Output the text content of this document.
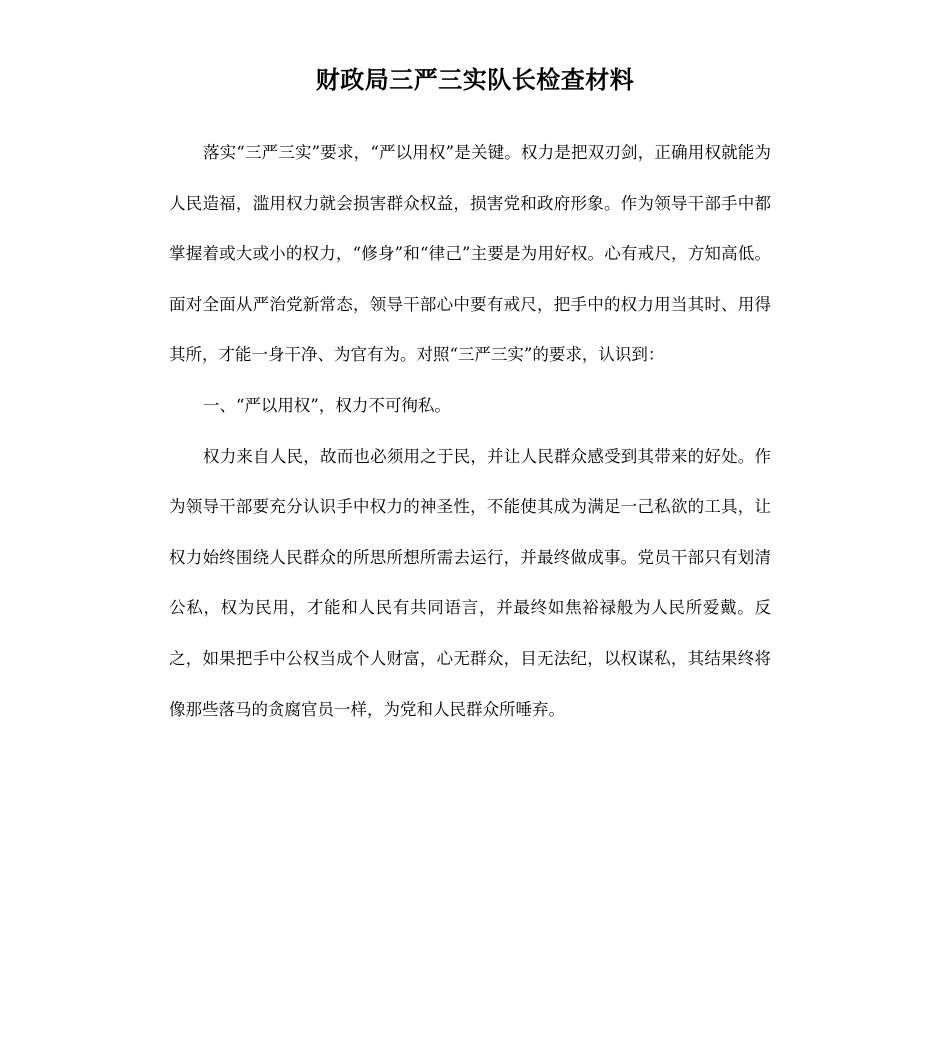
财政局三严三实队长检查材料

落实“三严三实”要求，“严以用权”是关键。权力是把双刃剑，正确用权就能为人民造福，滥用权力就会损害群众权益，损害党和政府形象。作为领导干部手中都掌握着或大或小的权力，“修身”和“律己”主要是为用好权。心有戒尺，方知高低。面对全面从严治党新常态，领导干部心中要有戒尺，把手中的权力用当其时、用得其所，才能一身干净、为官有为。对照“三严三实”的要求，认识到：

一、“严以用权”，权力不可徇私。

权力来自人民，故而也必须用之于民，并让人民群众感受到其带来的好处。作为领导干部要充分认识手中权力的神圣性，不能使其成为满足一己私欲的工具，让权力始终围绕人民群众的所思所想所需去运行，并最终做成事。党员干部只有划清公私，权为民用，才能和人民有共同语言，并最终如焦裕禄般为人民所爱戴。反之，如果把手中公权当成个人财富，心无群众，目无法纪，以权谋私，其结果终将像那些落马的贪腐官员一样，为党和人民群众所唾弃。
